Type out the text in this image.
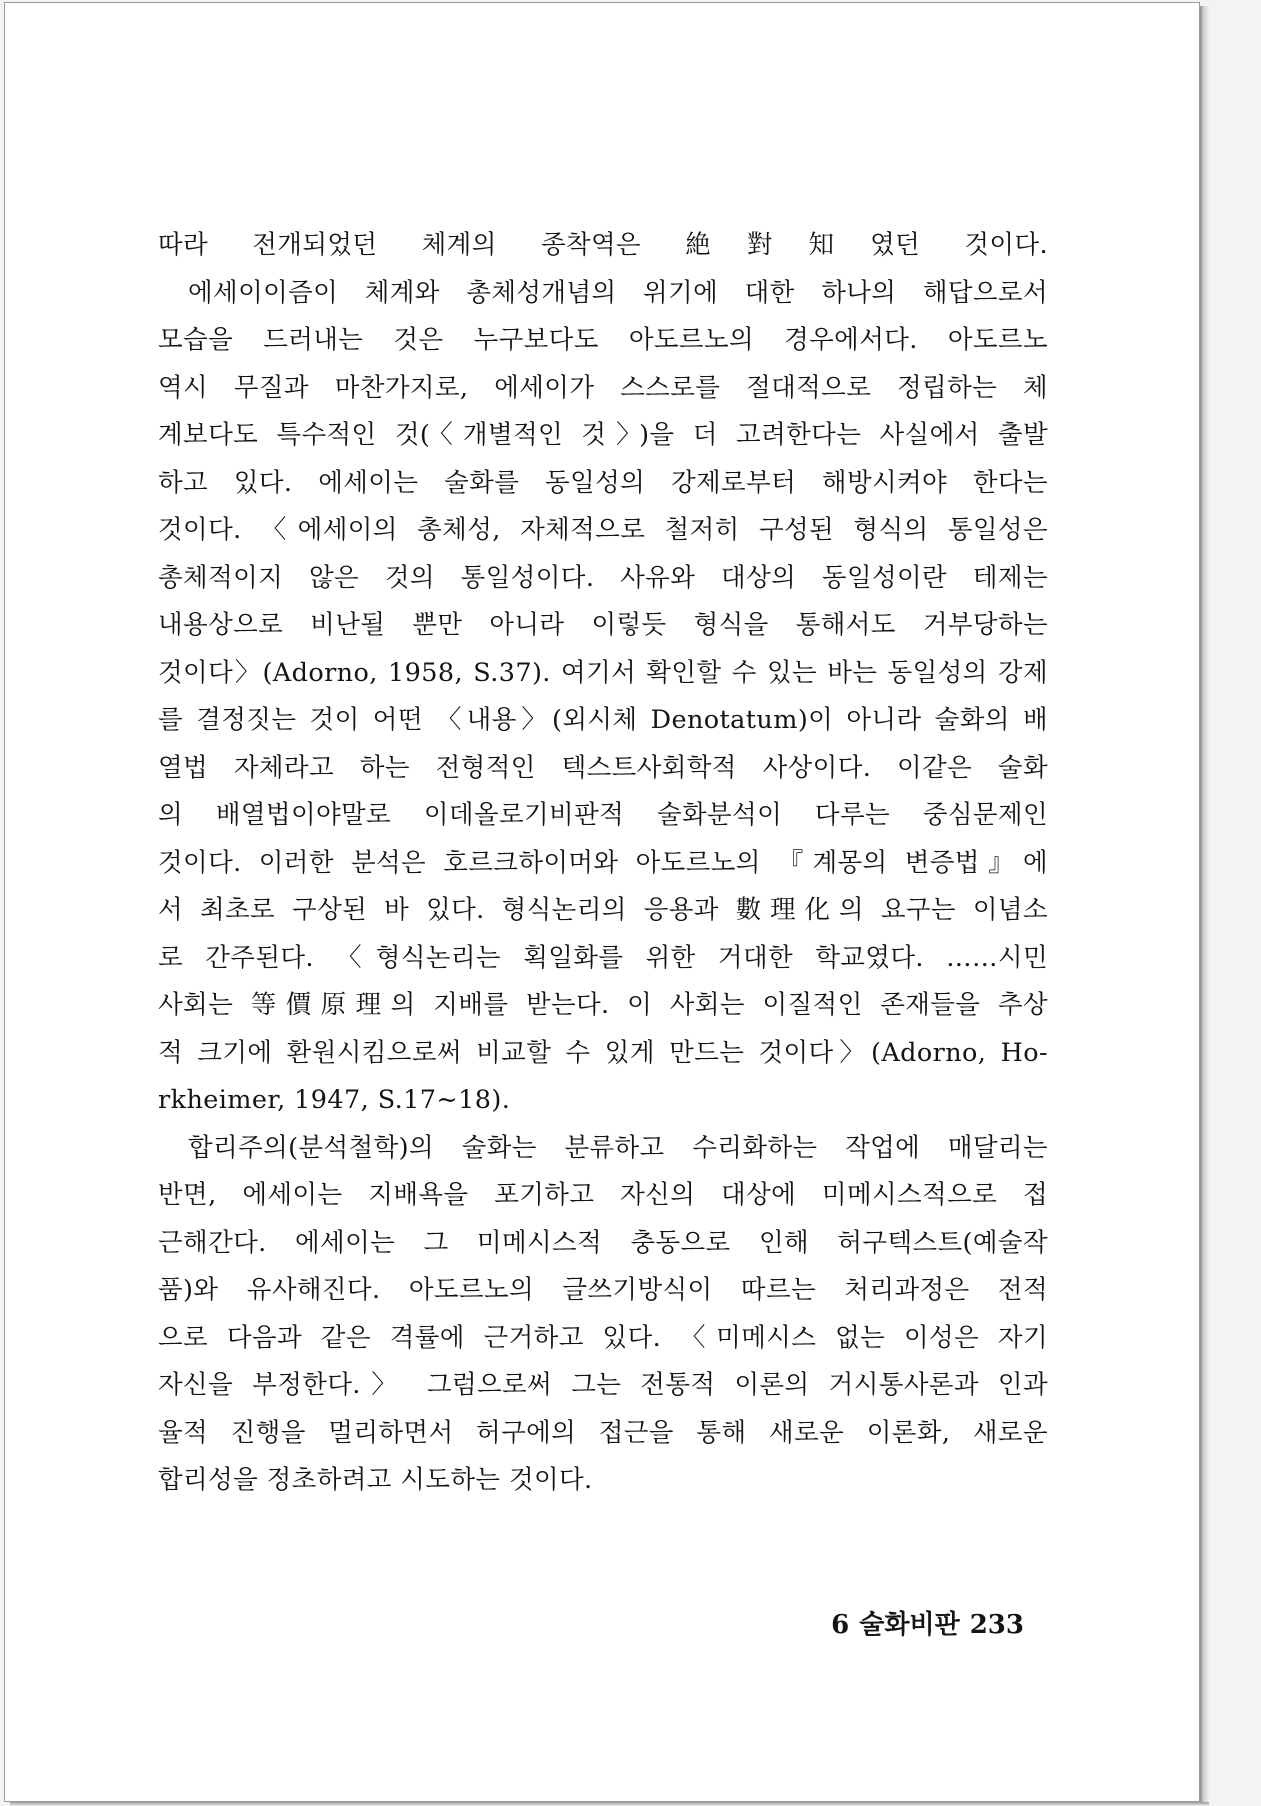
따라 전개되었던 체계의 종착역은 絶對知였던 것이다.
에세이이즘이 체계와 총체성개념의 위기에 대한 하나의 해답으로서
모습을 드러내는 것은 누구보다도 아도르노의 경우에서다. 아도르노
역시 무질과 마찬가지로, 에세이가 스스로를 절대적으로 정립하는 체
계보다도 특수적인 것(〈개별적인 것〉)을 더 고려한다는 사실에서 출발
하고 있다. 에세이는 술화를 동일성의 강제로부터 해방시켜야 한다는
것이다. 〈에세이의 총체성, 자체적으로 철저히 구성된 형식의 통일성은
총체적이지 않은 것의 통일성이다. 사유와 대상의 동일성이란 테제는
내용상으로 비난될 뿐만 아니라 이렇듯 형식을 통해서도 거부당하는
것이다〉(Adorno, 1958, S.37). 여기서 확인할 수 있는 바는 동일성의 강제
를 결정짓는 것이 어떤 〈내용〉(외시체 Denotatum)이 아니라 술화의 배
열법 자체라고 하는 전형적인 텍스트사회학적 사상이다. 이같은 술화
의 배열법이야말로 이데올로기비판적 술화분석이 다루는 중심문제인
것이다. 이러한 분석은 호르크하이머와 아도르노의 『계몽의 변증법』에
서 최초로 구상된 바 있다. 형식논리의 응용과 數理化의 요구는 이념소
로 간주된다. 〈형식논리는 획일화를 위한 거대한 학교였다. ……시민
사회는 等價原理의 지배를 받는다. 이 사회는 이질적인 존재들을 추상
적 크기에 환원시킴으로써 비교할 수 있게 만드는 것이다〉(Adorno, Ho-
rkheimer, 1947, S.17∼18).
합리주의(분석철학)의 술화는 분류하고 수리화하는 작업에 매달리는
반면, 에세이는 지배욕을 포기하고 자신의 대상에 미메시스적으로 접
근해간다. 에세이는 그 미메시스적 충동으로 인해 허구텍스트(예술작
품)와 유사해진다. 아도르노의 글쓰기방식이 따르는 처리과정은 전적
으로 다음과 같은 격률에 근거하고 있다. 〈미메시스 없는 이성은 자기
자신을 부정한다.〉 그럼으로써 그는 전통적 이론의 거시통사론과 인과
율적 진행을 멀리하면서 허구에의 접근을 통해 새로운 이론화, 새로운
합리성을 정초하려고 시도하는 것이다.
6 술화비판 233
